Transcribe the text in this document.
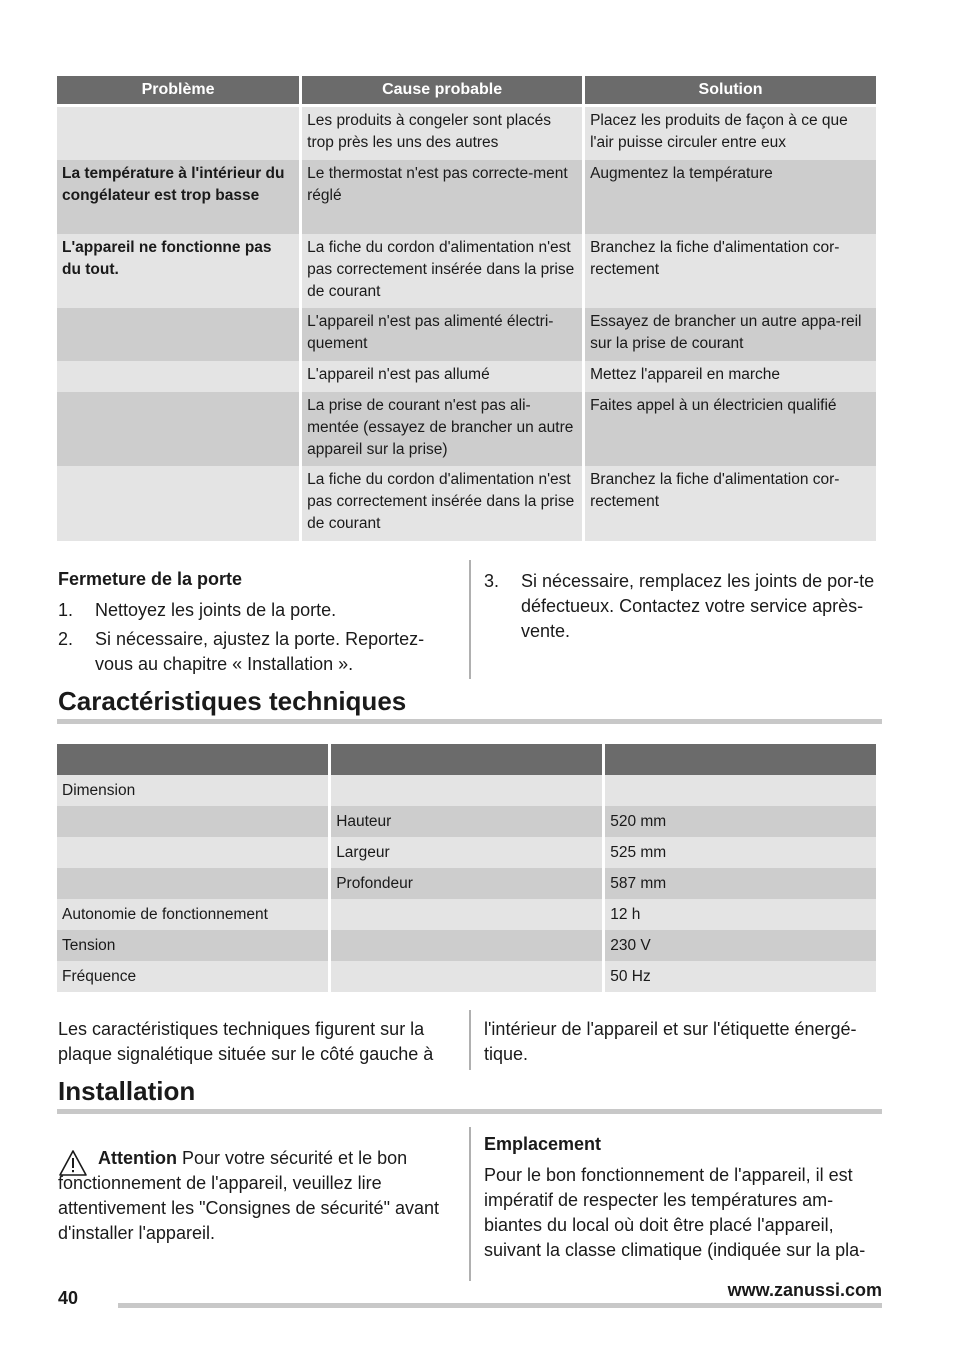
Problème	Cause probable	Solution
	Les produits à congeler sont placés trop près les uns des autres	Placez les produits de façon à ce que l'air puisse circuler entre eux
La température à l'intérieur du congélateur est trop basse	Le thermostat n'est pas correcte-ment réglé	Augmentez la température
L'appareil ne fonctionne pas du tout.	La fiche du cordon d'alimentation n'est pas correctement insérée dans la prise de courant	Branchez la fiche d'alimentation cor-rectement
	L'appareil n'est pas alimenté électri-quement	Essayez de brancher un autre appa-reil sur la prise de courant
	L'appareil n'est pas allumé	Mettez l'appareil en marche
	La prise de courant n'est pas ali-mentée (essayez de brancher un autre appareil sur la prise)	Faites appel à un électricien qualifié
	La fiche du cordon d'alimentation n'est pas correctement insérée dans la prise de courant	Branchez la fiche d'alimentation cor-rectement
Fermeture de la porte
1.	Nettoyez les joints de la porte.
2.	Si nécessaire, ajustez la porte. Reportez-vous au chapitre « Installation ».
3.	Si nécessaire, remplacez les joints de por-te défectueux. Contactez votre service après-vente.
Caractéristiques techniques

Dimension		
	Hauteur	520 mm
	Largeur	525 mm
	Profondeur	587 mm
Autonomie de fonctionnement		12 h
Tension		230 V
Fréquence		50 Hz
Les caractéristiques techniques figurent sur la plaque signalétique située sur le côté gauche à
l'intérieur de l'appareil et sur l'étiquette énergé-tique.
Installation
Attention Pour votre sécurité et le bon fonctionnement de l'appareil, veuillez lire attentivement les "Consignes de sécurité" avant d'installer l'appareil.
Emplacement
Pour le bon fonctionnement de l'appareil, il est impératif de respecter les températures am-biantes du local où doit être placé l'appareil, suivant la classe climatique (indiquée sur la pla-
40	www.zanussi.com
